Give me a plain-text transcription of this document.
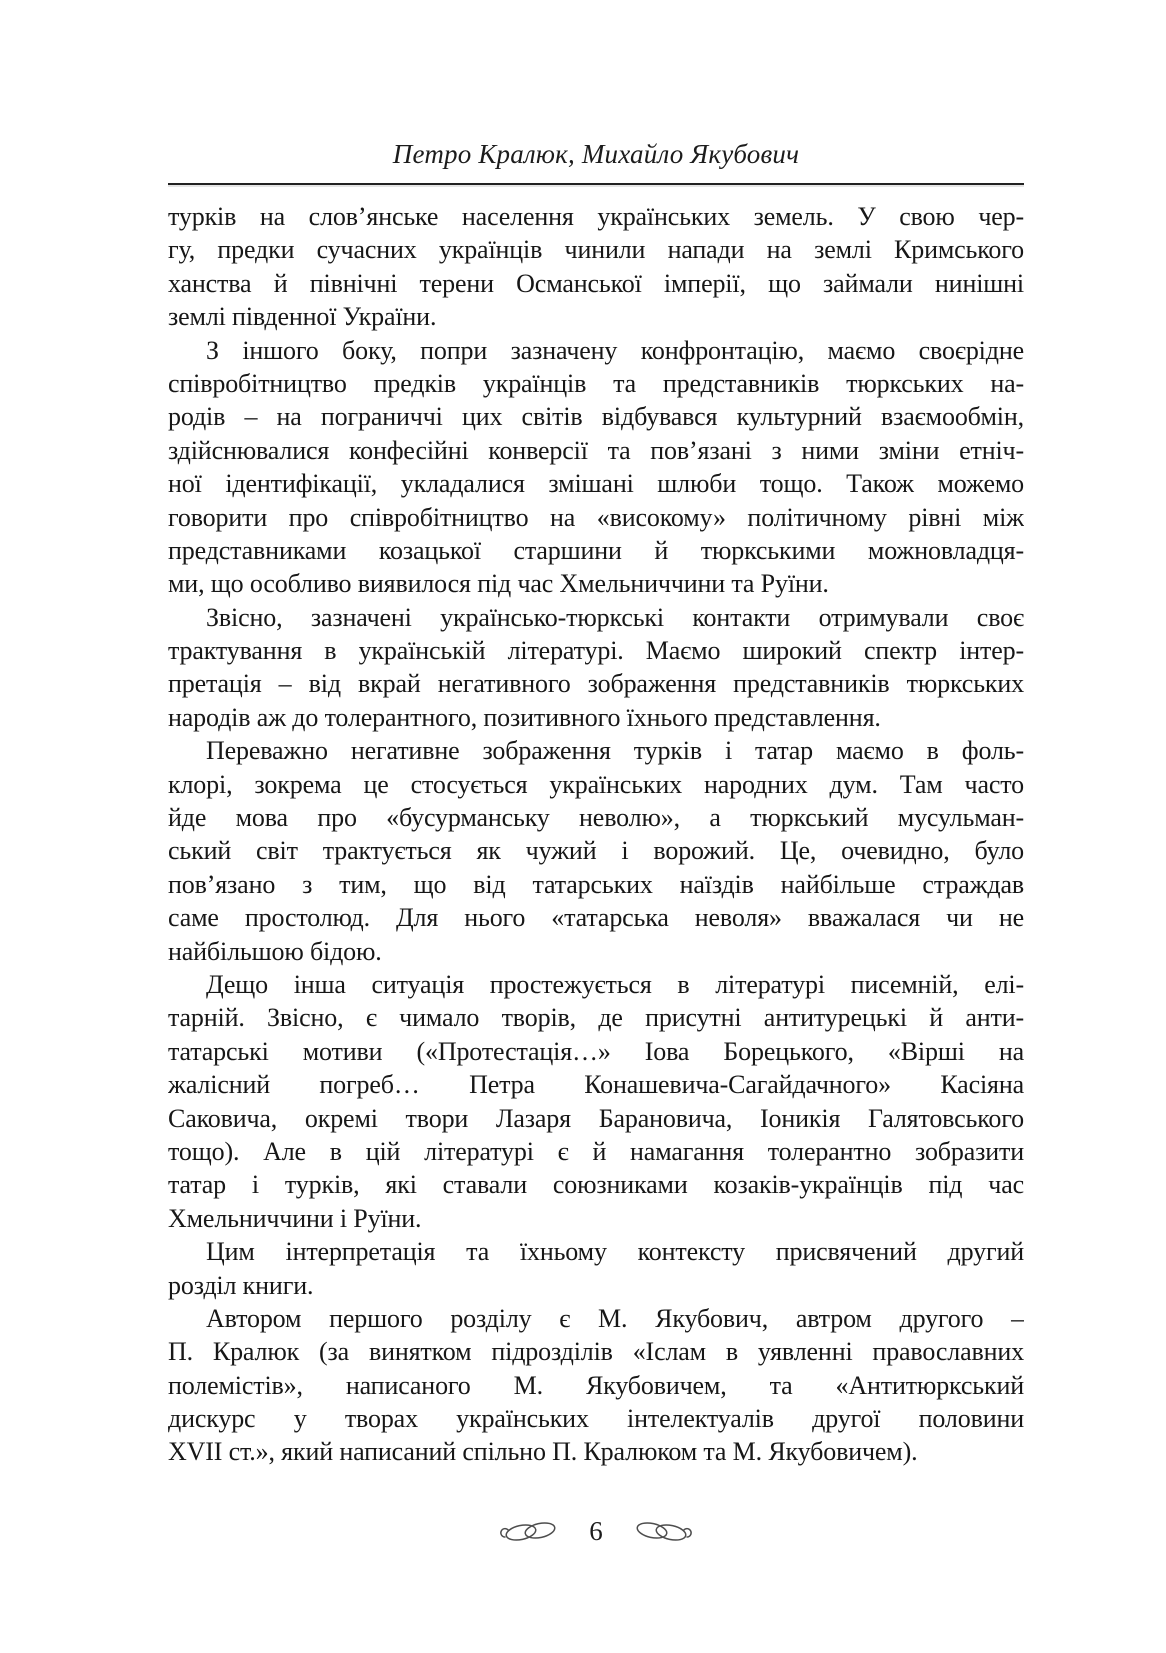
Петро Кралюк, Михайло Якубович
турків на слов’янське населення українських земель. У свою чер-
гу, предки сучасних українців чинили напади на землі Кримського
ханства й північні терени Османської імперії, що займали нинішні
землі південної України.
З іншого боку, попри зазначену конфронтацію, маємо своєрідне
співробітництво предків українців та представників тюркських на-
родів – на пограниччі цих світів відбувався культурний взаємообмін,
здійснювалися конфесійні конверсії та пов’язані з ними зміни етніч-
ної ідентифікації, укладалися змішані шлюби тощо. Також можемо
говорити про співробітництво на «високому» політичному рівні між
представниками козацької старшини й тюркськими можновладця-
ми, що особливо виявилося під час Хмельниччини та Руїни.
Звісно, зазначені українсько-тюркські контакти отримували своє
трактування в українській літературі. Маємо широкий спектр інтер-
претація – від вкрай негативного зображення представників тюркських
народів аж до толерантного, позитивного їхнього представлення.
Переважно негативне зображення турків і татар маємо в фоль-
клорі, зокрема це стосується українських народних дум. Там часто
йде мова про «бусурманську неволю», а тюркський мусульман-
ський світ трактується як чужий і ворожий. Це, очевидно, було
пов’язано з тим, що від татарських наїздів найбільше страждав
саме простолюд. Для нього «татарська неволя» вважалася чи не
найбільшою бідою.
Дещо інша ситуація простежується в літературі писемній, елі-
тарній. Звісно, є чимало творів, де присутні антитурецькі й анти-
татарські мотиви («Протестація…» Іова Борецького, «Вірші на
жалісний погреб… Петра Конашевича-Сагайдачного» Касіяна
Саковича, окремі твори Лазаря Барановича, Іоникія Галятовського
тощо). Але в цій літературі є й намагання толерантно зобразити
татар і турків, які ставали союзниками козаків-українців під час
Хмельниччини і Руїни.
Цим інтерпретація та їхньому контексту присвячений другий
розділ книги.
Автором першого розділу є М. Якубович, автром другого –
П. Кралюк (за винятком підрозділів «Іслам в уявленні православних
полемістів», написаного М. Якубовичем, та «Антитюркський
дискурс у творах українських інтелектуалів другої половини
XVII ст.», який написаний спільно П. Кралюком та М. Якубовичем).
6
